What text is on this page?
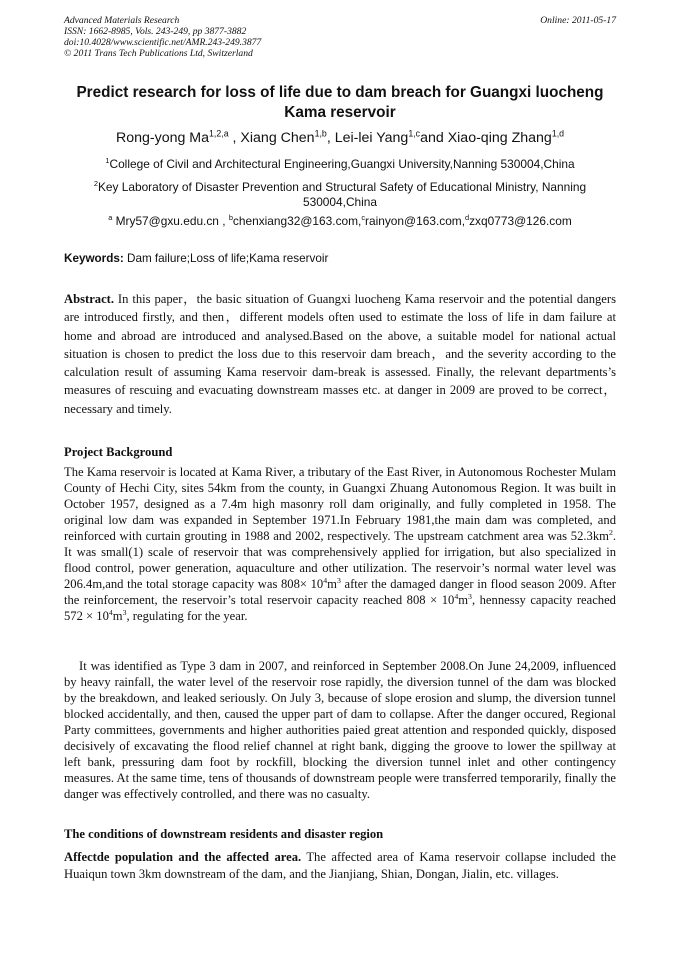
Advanced Materials Research
ISSN: 1662-8985, Vols. 243-249, pp 3877-3882
doi:10.4028/www.scientific.net/AMR.243-249.3877
© 2011 Trans Tech Publications Ltd, Switzerland
Online: 2011-05-17
Predict research for loss of life due to dam breach for Guangxi luocheng Kama reservoir
Rong-yong Ma$^{1,2,a}$ , Xiang Chen$^{1,b}$, Lei-lei Yang$^{1,c}$and Xiao-qing Zhang$^{1,d}$
$^1$College of Civil and Architectural Engineering,Guangxi University,Nanning 530004,China
$^2$Key Laboratory of Disaster Prevention and Structural Safety of Educational Ministry, Nanning 530004,China
$^a$ Mry57@gxu.edu.cn , $^b$chenxiang32@163.com,$^c$rainyon@163.com,$^d$zxq0773@126.com
Keywords: Dam failure;Loss of life;Kama reservoir
Abstract. In this paper，the basic situation of Guangxi luocheng Kama reservoir and the potential dangers are introduced firstly, and then，different models often used to estimate the loss of life in dam failure at home and abroad are introduced and analysed.Based on the above, a suitable model for national actual situation is chosen to predict the loss due to this reservoir dam breach，and the severity according to the calculation result of assuming Kama reservoir dam-break is assessed. Finally, the relevant departments’s measures of rescuing and evacuating downstream masses etc. at danger in 2009 are proved to be correct，necessary and timely.
Project Background
The Kama reservoir is located at Kama River, a tributary of the East River, in Autonomous Rochester Mulam County of Hechi City, sites 54km from the county, in Guangxi Zhuang Autonomous Region. It was built in October 1957, designed as a 7.4m high masonry roll dam originally, and fully completed in 1958. The original low dam was expanded in September 1971.In February 1981,the main dam was completed, and reinforced with curtain grouting in 1988 and 2002, respectively. The upstream catchment area was $52.3km^2$. It was small(1) scale of reservoir that was comprehensively applied for irrigation, but also specialized in flood control, power generation, aquaculture and other utilization. The reservoir’s normal water level was 206.4m,and the total storage capacity was $808\times 10^4m^3$ after the damaged danger in flood season 2009. After the reinforcement, the reservoir’s total reservoir capacity reached $808 \times 10^4m^3$, hennessy capacity reached $572 \times 10^4m^3$, regulating for the year.
It was identified as Type 3 dam in 2007, and reinforced in September 2008.On June 24,2009, influenced by heavy rainfall, the water level of the reservoir rose rapidly, the diversion tunnel of the dam was blocked by the breakdown, and leaked seriously. On July 3, because of slope erosion and slump, the diversion tunnel blocked accidentally, and then, caused the upper part of dam to collapse. After the danger occured, Regional Party committees, governments and higher authorities paied great attention and responded quickly, disposed decisively of excavating the flood relief channel at right bank, digging the groove to lower the spillway at left bank, pressuring dam foot by rockfill, blocking the diversion tunnel inlet and other contingency measures. At the same time, tens of thousands of downstream people were transferred temporarily, finally the danger was effectively controlled, and there was no casualty.
The conditions of downstream residents and disaster region
Affectde population and the affected area. The affected area of Kama reservoir collapse included the Huaiqun town 3km downstream of the dam, and the Jianjiang, Shian, Dongan, Jialin, etc. villages.
